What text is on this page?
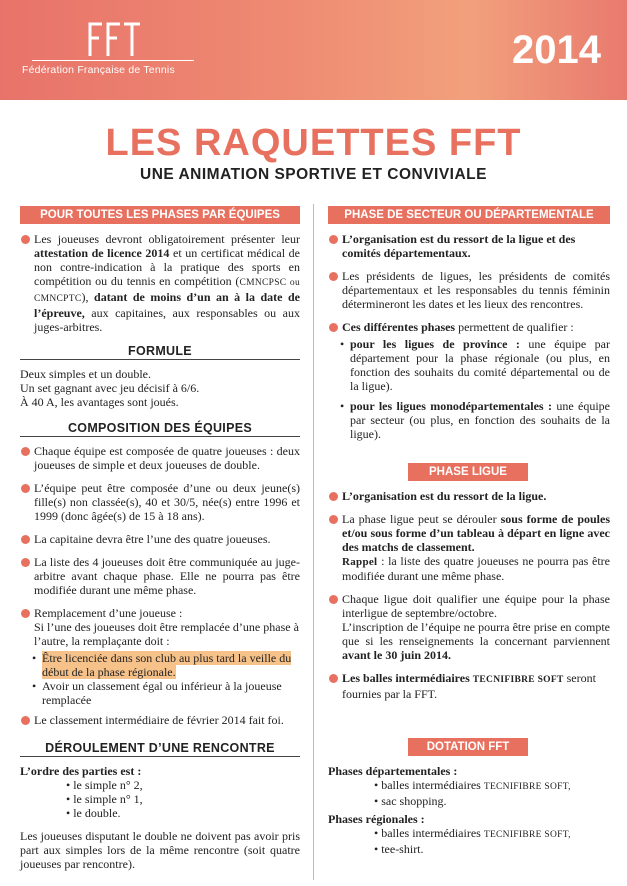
Fédération Française de Tennis	2014
LES RAQUETTES FFT
UNE ANIMATION SPORTIVE ET CONVIVIALE
POUR TOUTES LES PHASES PAR ÉQUIPES
Les joueuses devront obligatoirement présenter leur attestation de licence 2014 et un certificat médical de non contre-indication à la pratique des sports en compétition ou du tennis en compétition (CMNCPSC ou CMNCPTC), datant de moins d’un an à la date de l’épreuve, aux capitaines, aux responsables ou aux juges-arbitres.
FORMULE

Deux simples et un double.

Un set gagnant avec jeu décisif à 6/6.

À 40 A, les avantages sont joués.

COMPOSITION DES ÉQUIPES
Chaque équipe est composée de quatre joueuses : deux joueuses de simple et deux joueuses de double.
L’équipe peut être composée d’une ou deux jeune(s) fille(s) non classée(s), 40 et 30/5, née(s) entre 1996 et 1999 (donc âgée(s) de 15 à 18 ans).
La capitaine devra être l’une des quatre joueuses.
La liste des 4 joueuses doit être communiquée au juge-arbitre avant chaque phase. Elle ne pourra pas être modifiée durant une même phase.
Remplacement d’une joueuse :
Si l’une des joueuses doit être remplacée d’une phase à l’autre, la remplaçante doit :
• Être licenciée dans son club au plus tard la veille du début de la phase régionale.
• Avoir un classement égal ou inférieur à la joueuse remplacée
Le classement intermédiaire de février 2014 fait foi.
DÉROULEMENT D’UNE RENCONTRE

L’ordre des parties est :

• le simple n° 2,
• le simple n° 1,
• le double.

Les joueuses disputant le double ne doivent pas avoir pris part aux simples lors de la même rencontre (soit quatre joueuses par rencontre).

PHASE DE SECTEUR OU DÉPARTEMENTALE
L’organisation est du ressort de la ligue et des comités départementaux.
Les présidents de ligues, les présidents de comités départementaux et les responsables du tennis féminin détermineront les dates et les lieux des rencontres.
Ces différentes phases permettent de qualifier :
• pour les ligues de province : une équipe par département pour la phase régionale (ou plus, en fonction des souhaits du comité départemental ou de la ligue).
• pour les ligues monodépartementales : une équipe par secteur (ou plus, en fonction des souhaits de la ligue).
PHASE LIGUE
L’organisation est du ressort de la ligue.
La phase ligue peut se dérouler sous forme de poules et/ou sous forme d’un tableau à départ en ligne avec des matchs de classement.
Rappel : la liste des quatre joueuses ne pourra pas être modifiée durant une même phase.
Chaque ligue doit qualifier une équipe pour la phase interligue de septembre/octobre.
L’inscription de l’équipe ne pourra être prise en compte que si les renseignements la concernant parviennent avant le 30 juin 2014.
Les balles intermédiaires TECNIFIBRE SOFT seront fournies par la FFT.
DOTATION FFT

Phases départementales :

• balles intermédiaires TECNIFIBRE SOFT,
• sac shopping.

Phases régionales :

• balles intermédiaires TECNIFIBRE SOFT,
• tee-shirt.
